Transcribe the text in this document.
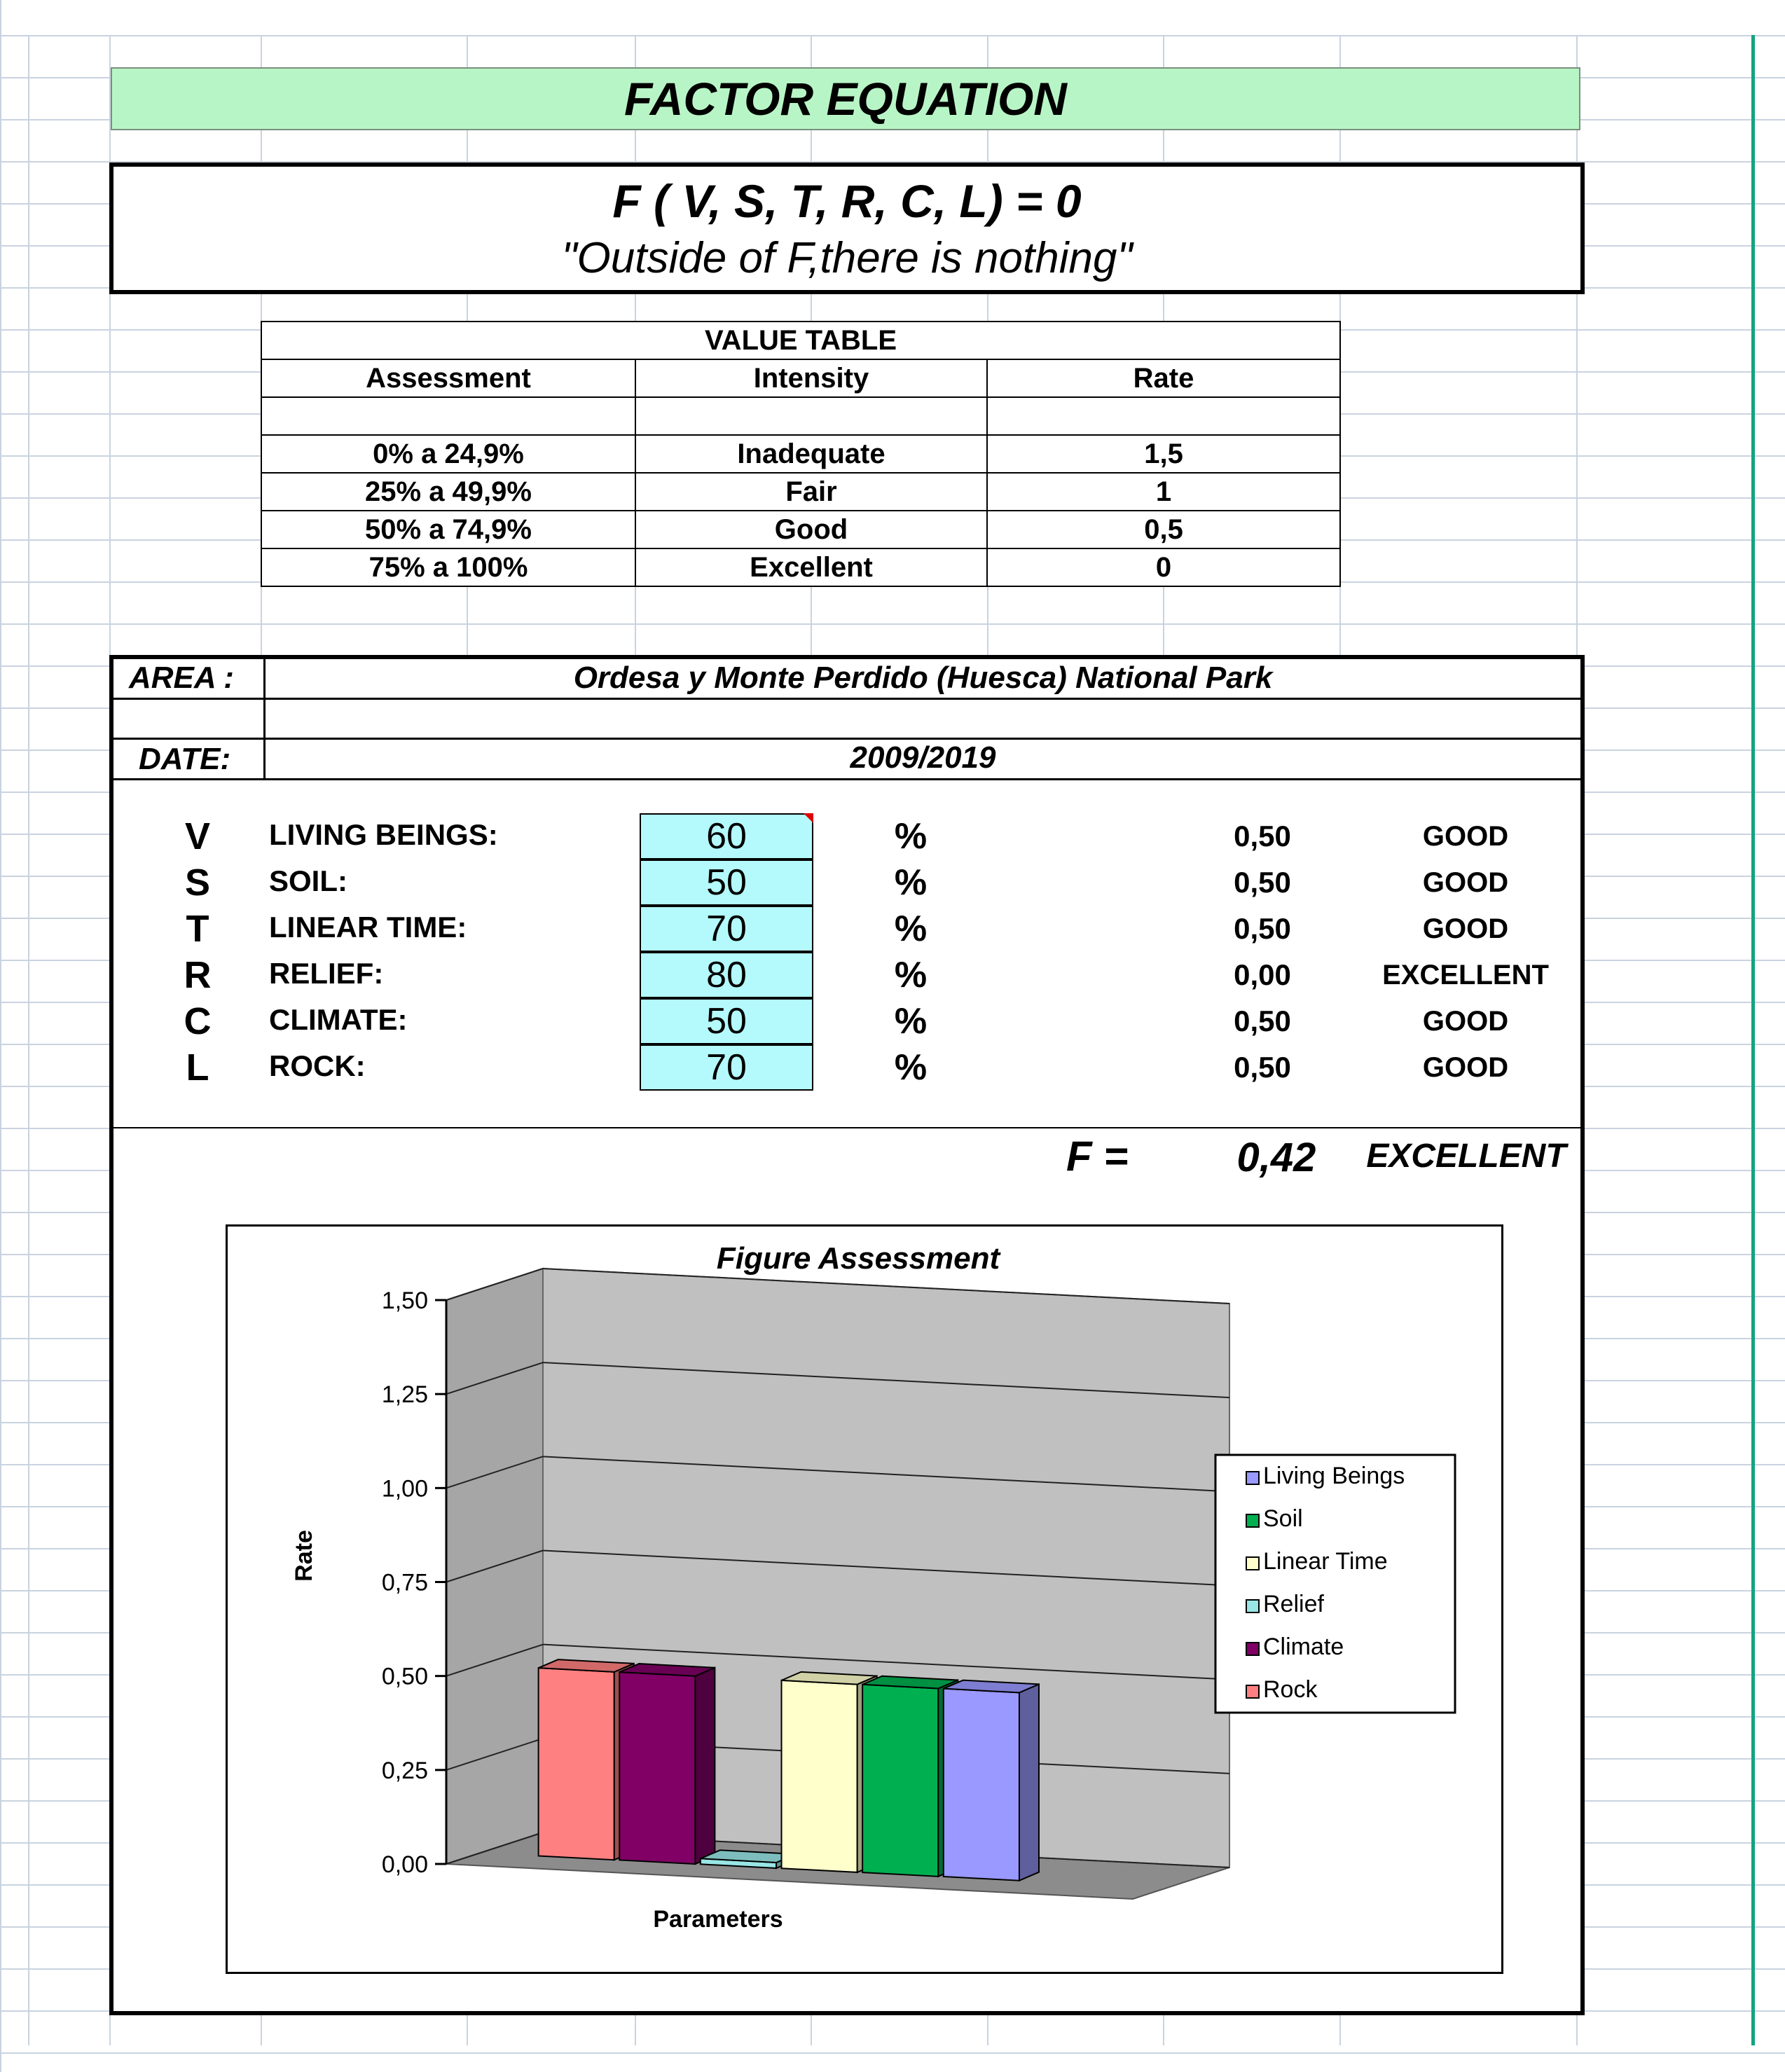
FACTOR EQUATION
F ( V, S, T, R, C, L) = 0
"Outside of F,there is nothing"
VALUE TABLE		
Assessment	Intensity	Rate

0% a 24,9%	Inadequate	1,5
25% a 49,9%	Fair	1
50% a 74,9%	Good	0,5
75% a 100%	Excellent	0
AREA :	Ordesa y Monte Perdido (Huesca) National Park
DATE:	2009/2019
V	LIVING BEINGS:	60	%	0,50	GOOD
S	SOIL:	50	%	0,50	GOOD
T	LINEAR TIME:	70	%	0,50	GOOD
R	RELIEF:	80	%	0,00	EXCELLENT
C	CLIMATE:	50	%	0,50	GOOD
L	ROCK:	70	%	0,50	GOOD
F =	0,42	EXCELLENT
Figure Assessment
0,00
0,25
0,50
0,75
1,00
1,25
1,50
Rate
Parameters
Living Beings
Soil
Linear Time
Relief
Climate
Rock
